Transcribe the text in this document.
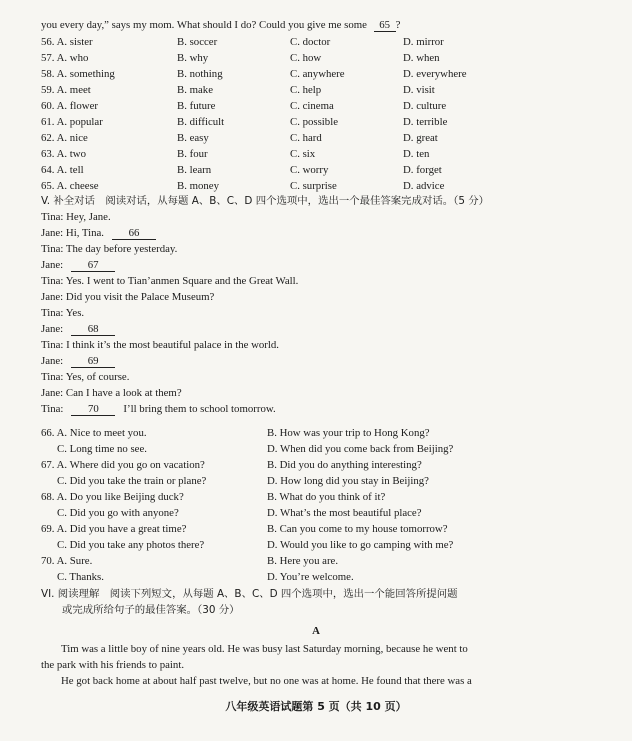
you every day,” says my mom. What should I do? Could you give me some 65 ?
56. A. sister	B. soccer	C. doctor	D. mirror
57. A. who	B. why	C. how	D. when
58. A. something	B. nothing	C. anywhere	D. everywhere
59. A. meet	B. make	C. help	D. visit
60. A. flower	B. future	C. cinema	D. culture
61. A. popular	B. difficult	C. possible	D. terrible
62. A. nice	B. easy	C. hard	D. great
63. A. two	B. four	C. six	D. ten
64. A. tell	B. learn	C. worry	D. forget
65. A. cheese	B. money	C. surprise	D. advice
V. 补全对话　阅读对话，从每题 A、B、C、D 四个选项中，选出一个最佳答案完成对话。（5 分）
Tina: Hey, Jane.
Jane: Hi, Tina. 66
Tina: The day before yesterday.
Jane: 67
Tina: Yes. I went to Tian’anmen Square and the Great Wall.
Jane: Did you visit the Palace Museum?
Tina: Yes.
Jane: 68
Tina: I think it’s the most beautiful palace in the world.
Jane: 69
Tina: Yes, of course.
Jane: Can I have a look at them?
Tina: 70 I’ll bring them to school tomorrow.
66. A. Nice to meet you.	B. How was your trip to Hong Kong?
C. Long time no see.	D. When did you come back from Beijing?
67. A. Where did you go on vacation?	B. Did you do anything interesting?
C. Did you take the train or plane?	D. How long did you stay in Beijing?
68. A. Do you like Beijing duck?	B. What do you think of it?
C. Did you go with anyone?	D. What’s the most beautiful place?
69. A. Did you have a great time?	B. Can you come to my house tomorrow?
C. Did you take any photos there?	D. Would you like to go camping with me?
70. A. Sure.	B. Here you are.
C. Thanks.	D. You’re welcome.
VI. 阅读理解　阅读下列短文，从每题 A、B、C、D 四个选项中，选出一个能回答所提问题
或完成所给句子的最佳答案。（30 分）
A
Tim was a little boy of nine years old. He was busy last Saturday morning, because he went to
the park with his friends to paint.
He got back home at about half past twelve, but no one was at home. He found that there was a
八年级英语试题第 5 页（共 10 页）
